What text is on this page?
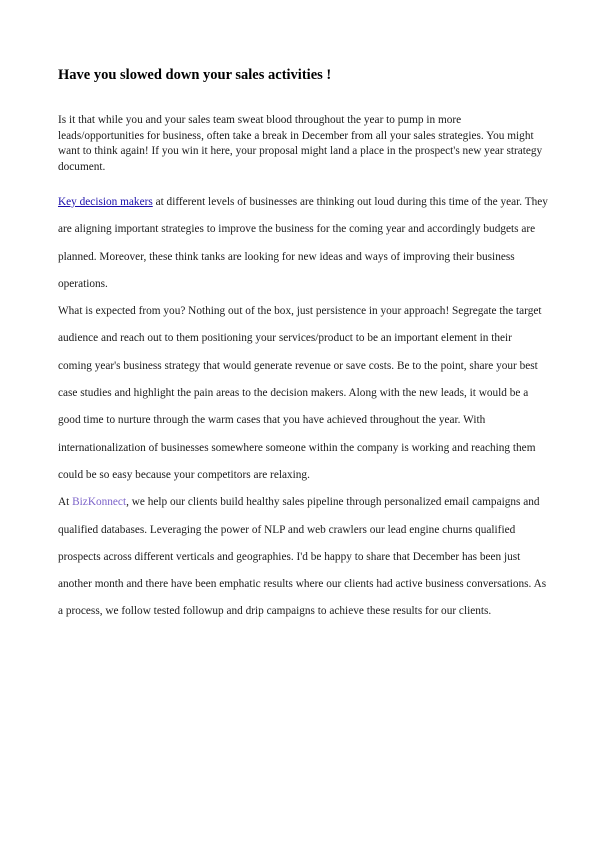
Have you slowed down your sales activities !

Is it that while you and your sales team sweat blood throughout the year to pump in more leads/opportunities for business, often take a break in December from all your sales strategies. You might want to think again! If you win it here, your proposal might land a place in the prospect's new year strategy document.

Key decision makers at different levels of businesses are thinking out loud during this time of the year. They are aligning important strategies to improve the business for the coming year and accordingly budgets are planned. Moreover, these think tanks are looking for new ideas and ways of improving their business operations.

What is expected from you? Nothing out of the box, just persistence in your approach! Segregate the target audience and reach out to them positioning your services/product to be an important element in their coming year's business strategy that would generate revenue or save costs. Be to the point, share your best case studies and highlight the pain areas to the decision makers. Along with the new leads, it would be a good time to nurture through the warm cases that you have achieved throughout the year. With internationalization of businesses somewhere someone within the company is working and reaching them could be so easy because your competitors are relaxing.

At BizKonnect, we help our clients build healthy sales pipeline through personalized email campaigns and qualified databases. Leveraging the power of NLP and web crawlers our lead engine churns qualified prospects across different verticals and geographies. I'd be happy to share that December has been just another month and there have been emphatic results where our clients had active business conversations. As a process, we follow tested followup and drip campaigns to achieve these results for our clients.
